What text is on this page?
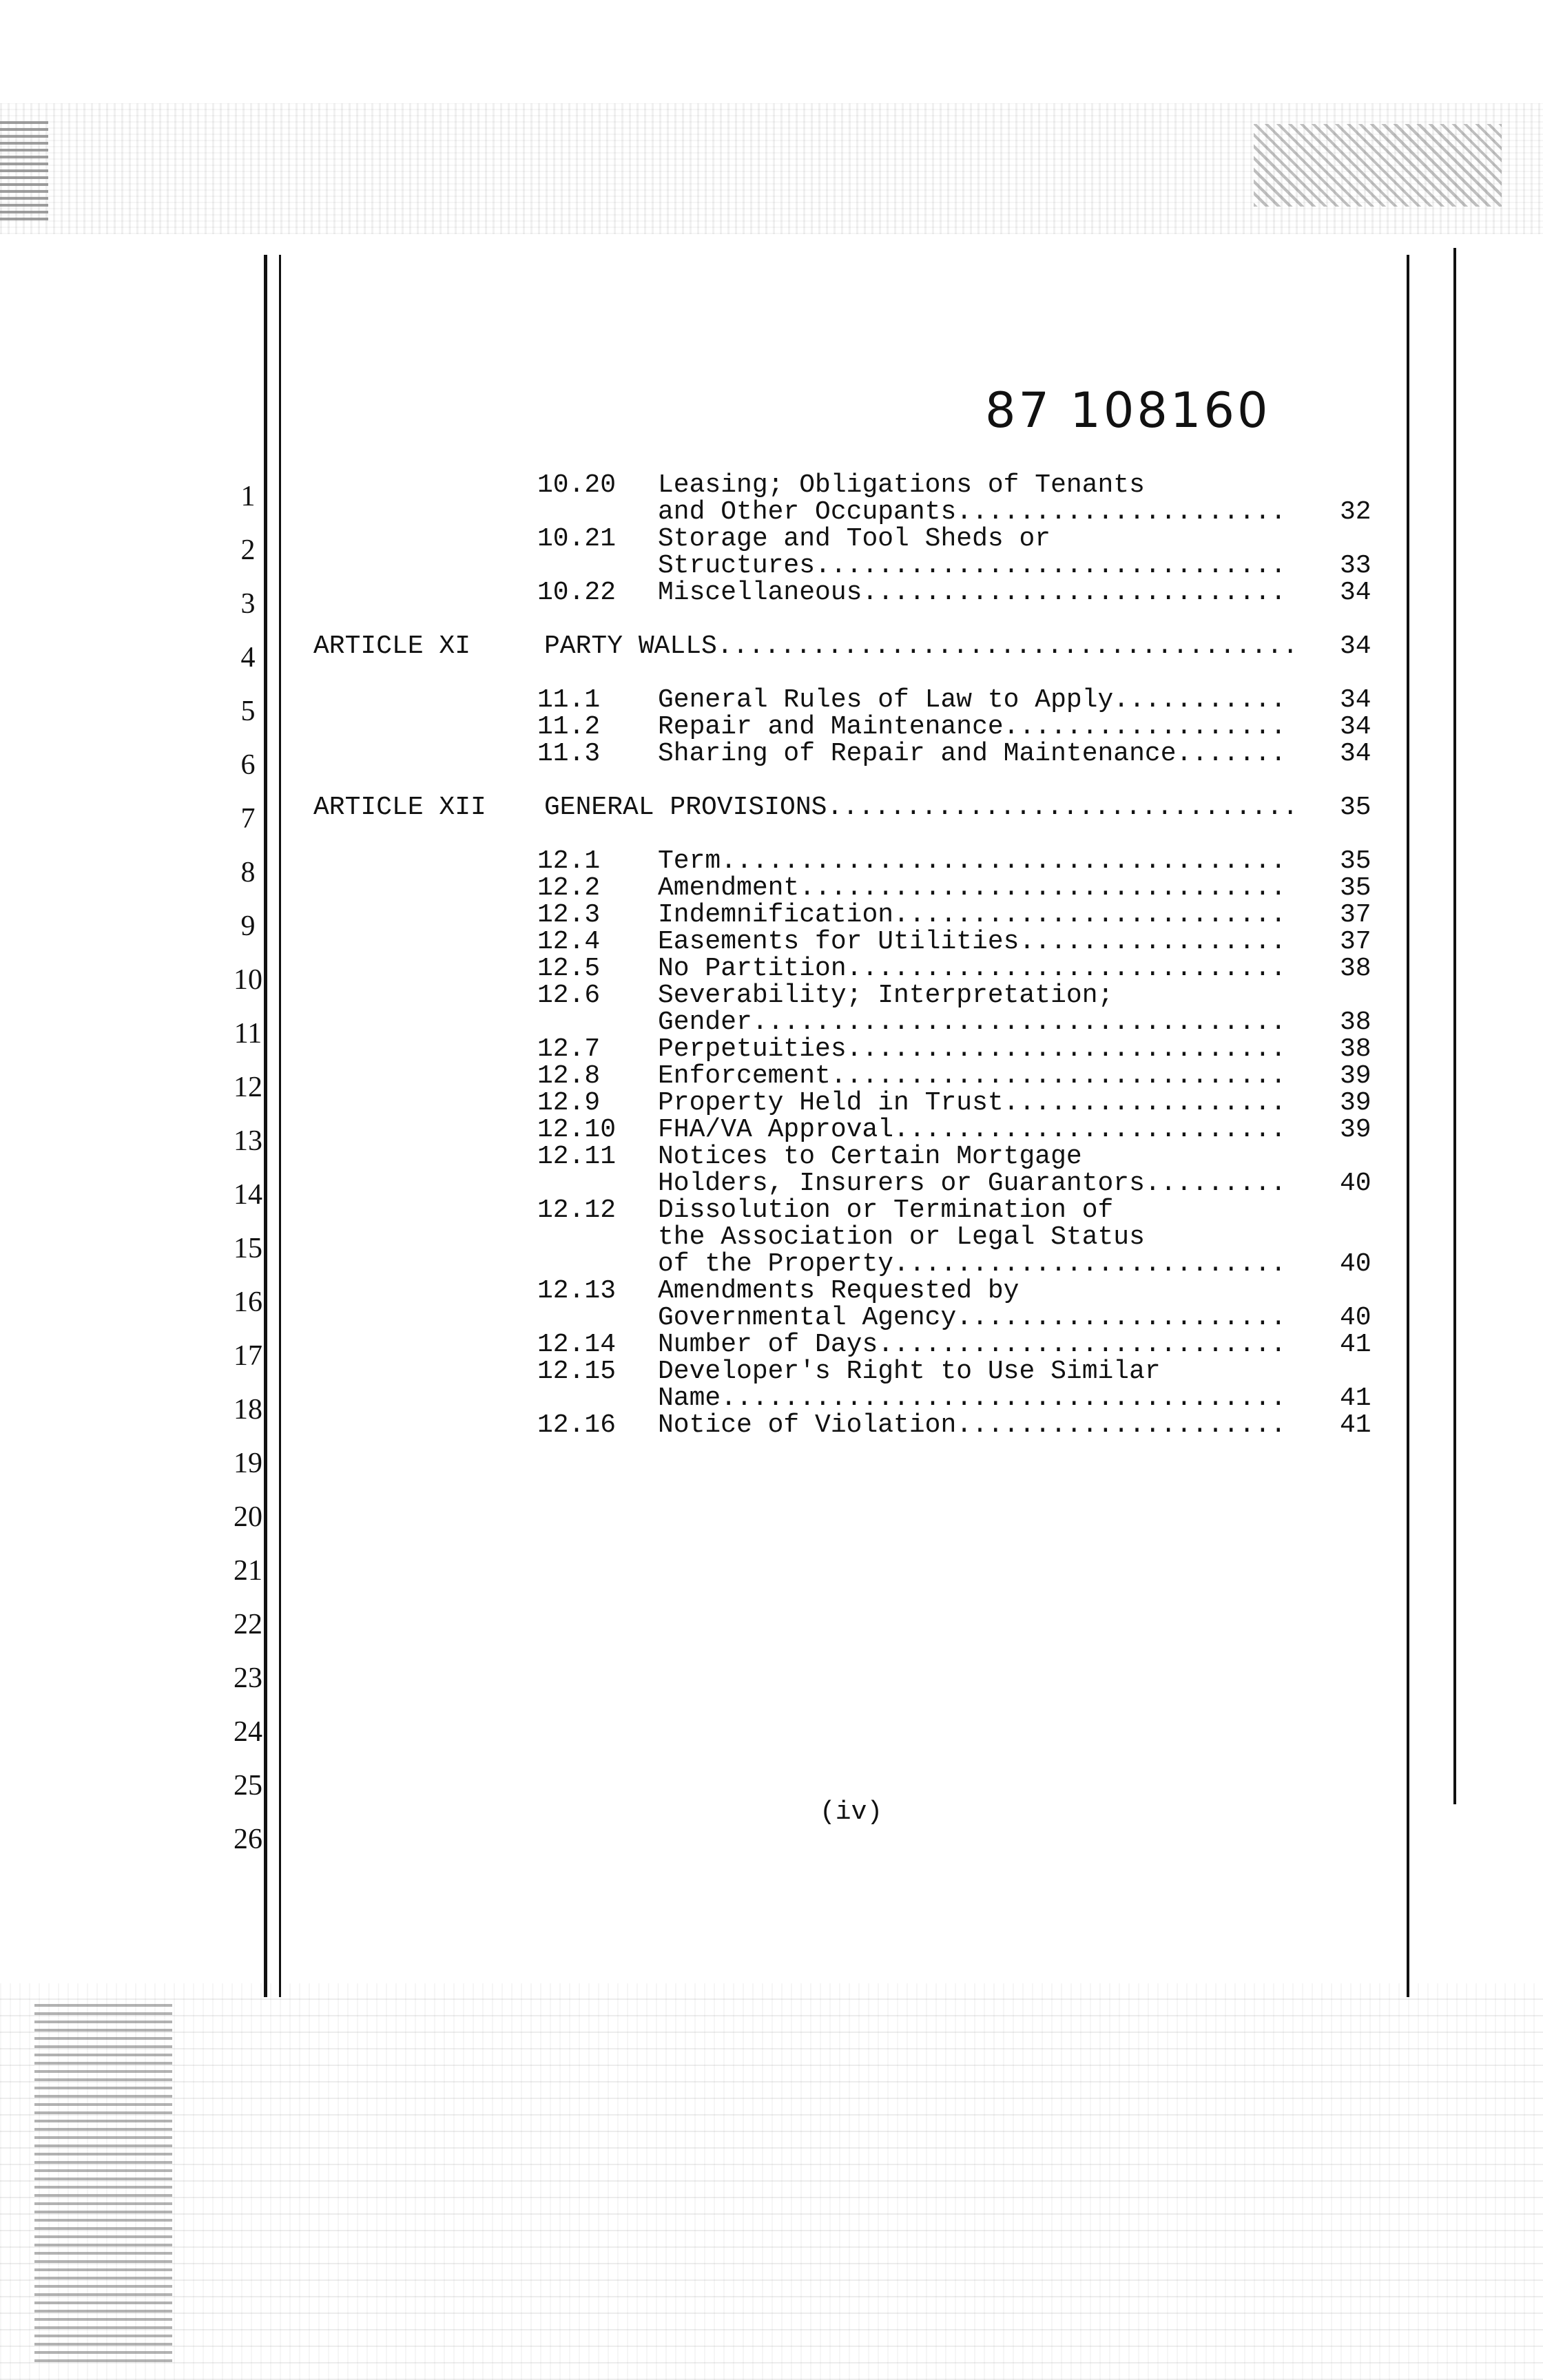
87 108160
1
2
3
4
5
6
7
8
9
10
11
12
13
14
15
16
17
18
19
20
21
22
23
24
25
26
10.20 Leasing; Obligations of Tenants
and Other Occupants..................... 32
10.21 Storage and Tool Sheds or
Structures.............................. 33
10.22 Miscellaneous........................... 34
ARTICLE XI	PARTY WALLS..................................... 34
11.1 General Rules of Law to Apply........... 34
11.2 Repair and Maintenance.................. 34
11.3 Sharing of Repair and Maintenance....... 34
ARTICLE XII GENERAL PROVISIONS.............................. 35
12.1 Term.................................... 35
12.2 Amendment............................... 35
12.3 Indemnification......................... 37
12.4 Easements for Utilities................. 37
12.5 No Partition............................ 38
12.6 Severability; Interpretation;
Gender.................................. 38
12.7 Perpetuities............................ 38
12.8 Enforcement............................. 39
12.9 Property Held in Trust.................. 39
12.10 FHA/VA Approval......................... 39
12.11 Notices to Certain Mortgage
Holders, Insurers or Guarantors......... 40
12.12 Dissolution or Termination of
the Association or Legal Status
of the Property......................... 40
12.13 Amendments Requested by
Governmental Agency..................... 40
12.14 Number of Days.......................... 41
12.15 Developer's Right to Use Similar
Name.................................... 41
12.16 Notice of Violation..................... 41
(iv)
